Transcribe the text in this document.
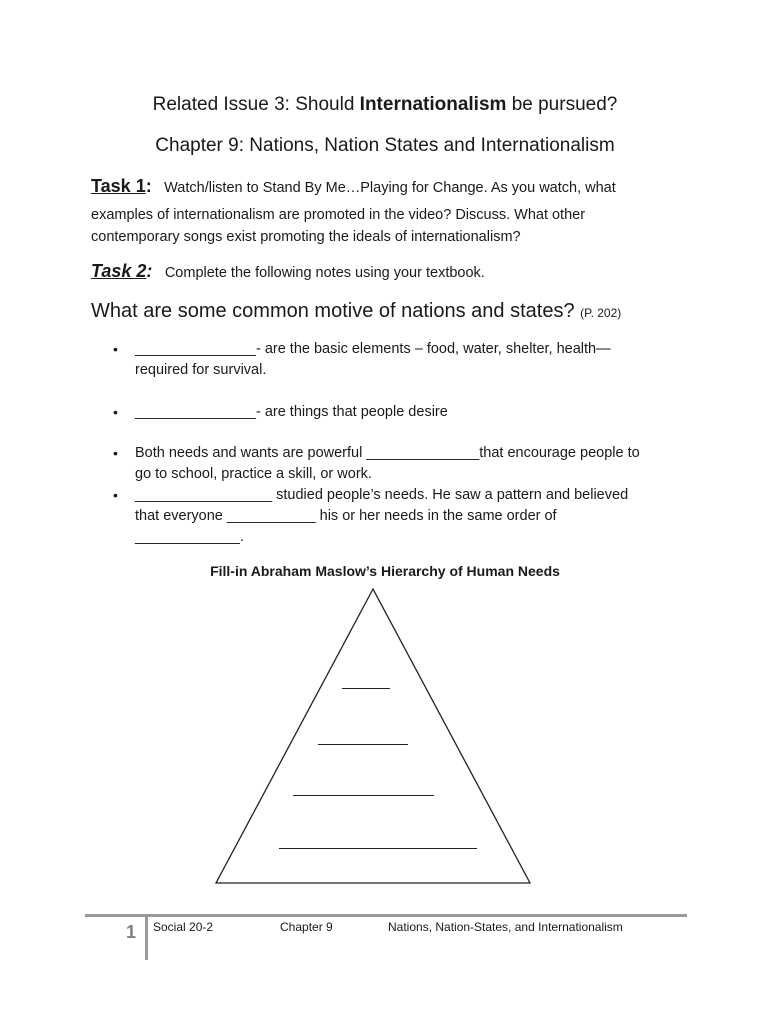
Related Issue 3: Should Internationalism be pursued?
Chapter 9: Nations, Nation States and Internationalism
Task 1: Watch/listen to Stand By Me…Playing for Change. As you watch, what
examples of internationalism are promoted in the video? Discuss. What other
contemporary songs exist promoting the ideals of internationalism?
Task 2: Complete the following notes using your textbook.
What are some common motive of nations and states? (P. 202)
• _______________- are the basic elements – food, water, shelter, health—
required for survival.
• _______________- are things that people desire
• Both needs and wants are powerful ______________that encourage people to
go to school, practice a skill, or work.
• _________________ studied people’s needs. He saw a pattern and believed
that everyone ___________ his or her needs in the same order of
_____________.
Fill-in Abraham Maslow’s Hierarchy of Human Needs
1 Social 20-2	Chapter 9	Nations, Nation-States, and Internationalism
